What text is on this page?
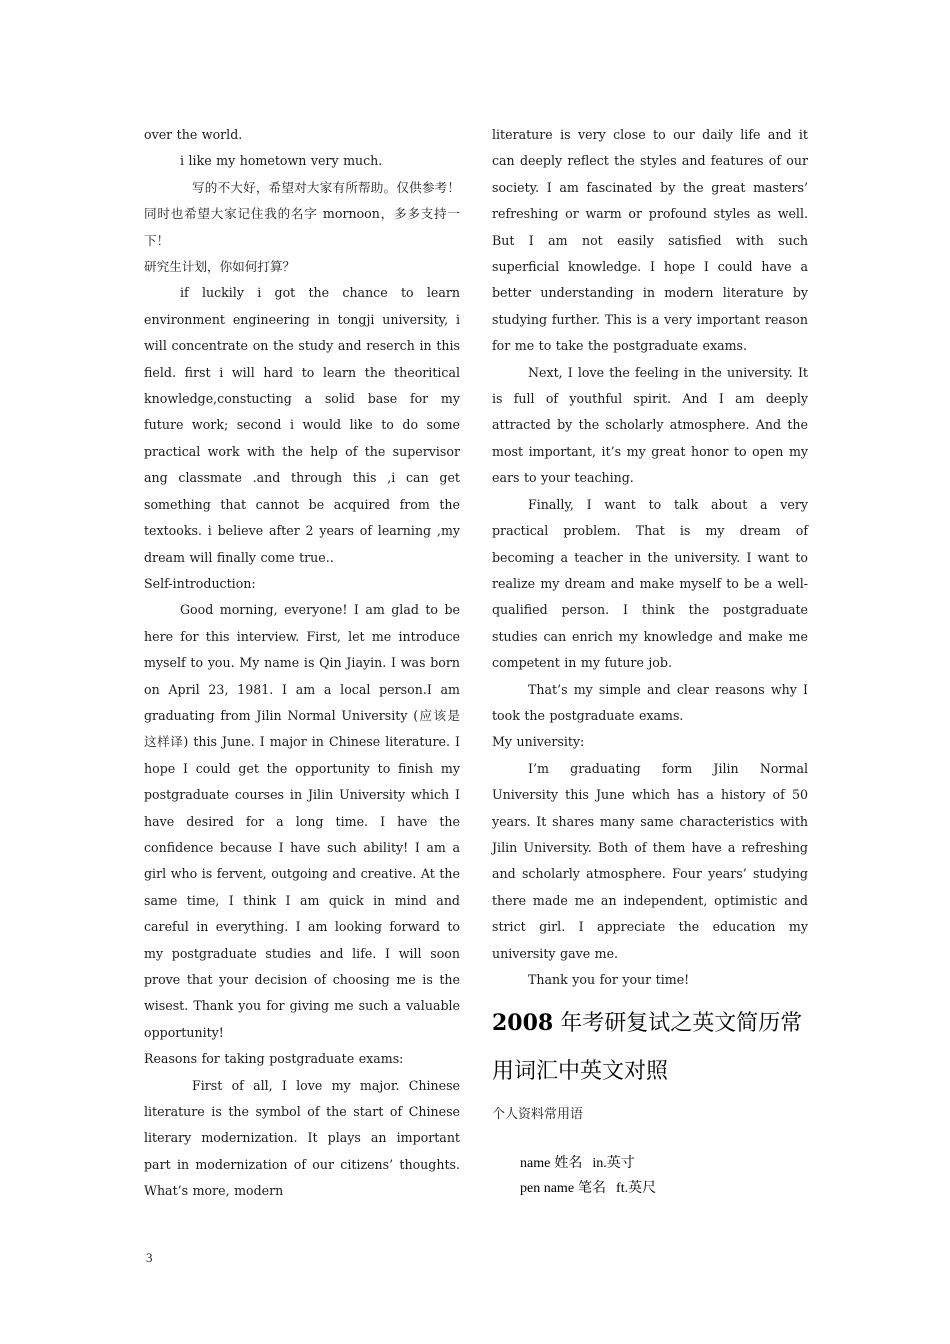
over the world.

i like my hometown very much.

写的不大好，希望对大家有所帮助。仅供参考！同时也希望大家记住我的名字 mornoon，多多支持一下！

研究生计划，你如何打算？

if luckily i got the chance to learn environment engineering in tongji university, i will concentrate on the study and reserch in this field. first i will hard to learn the theoritical knowledge,constucting a solid base for my future work; second i would like to do some practical work with the help of the supervisor ang classmate .and through this ,i can get something that cannot be acquired from the textooks. i believe after 2 years of learning ,my dream will finally come true..

Self-introduction:

Good morning, everyone! I am glad to be here for this interview. First, let me introduce myself to you. My name is Qin Jiayin. I was born on April 23, 1981. I am a local person.I am graduating from Jilin Normal University (应该是这样译) this June. I major in Chinese literature. I hope I could get the opportunity to finish my postgraduate courses in Jilin University which I have desired for a long time. I have the confidence because I have such ability! I am a girl who is fervent, outgoing and creative. At the same time, I think I am quick in mind and careful in everything. I am looking forward to my postgraduate studies and life. I will soon prove that your decision of choosing me is the wisest. Thank you for giving me such a valuable opportunity!

Reasons for taking postgraduate exams:

First of all, I love my major. Chinese literature is the symbol of the start of Chinese literary modernization. It plays an important part in modernization of our citizens’ thoughts. What’s more, modern

literature is very close to our daily life and it can deeply reflect the styles and features of our society. I am fascinated by the great masters’ refreshing or warm or profound styles as well. But I am not easily satisfied with such superficial knowledge. I hope I could have a better understanding in modern literature by studying further. This is a very important reason for me to take the postgraduate exams.

Next, I love the feeling in the university. It is full of youthful spirit. And I am deeply attracted by the scholarly atmosphere. And the most important, it’s my great honor to open my ears to your teaching.

Finally, I want to talk about a very practical problem. That is my dream of becoming a teacher in the university. I want to realize my dream and make myself to be a well-qualified person. I think the postgraduate studies can enrich my knowledge and make me competent in my future job.

That’s my simple and clear reasons why I took the postgraduate exams.

My university:

I’m graduating form Jilin Normal University this June which has a history of 50 years. It shares many same characteristics with Jilin University. Both of them have a refreshing and scholarly atmosphere. Four years’ studying there made me an independent, optimistic and strict girl. I appreciate the education my university gave me.

Thank you for your time!

2008 年考研复试之英文简历常用词汇中英文对照

个人资料常用语

name 姓名 in.英寸
pen name 笔名 ft.英尺
3
